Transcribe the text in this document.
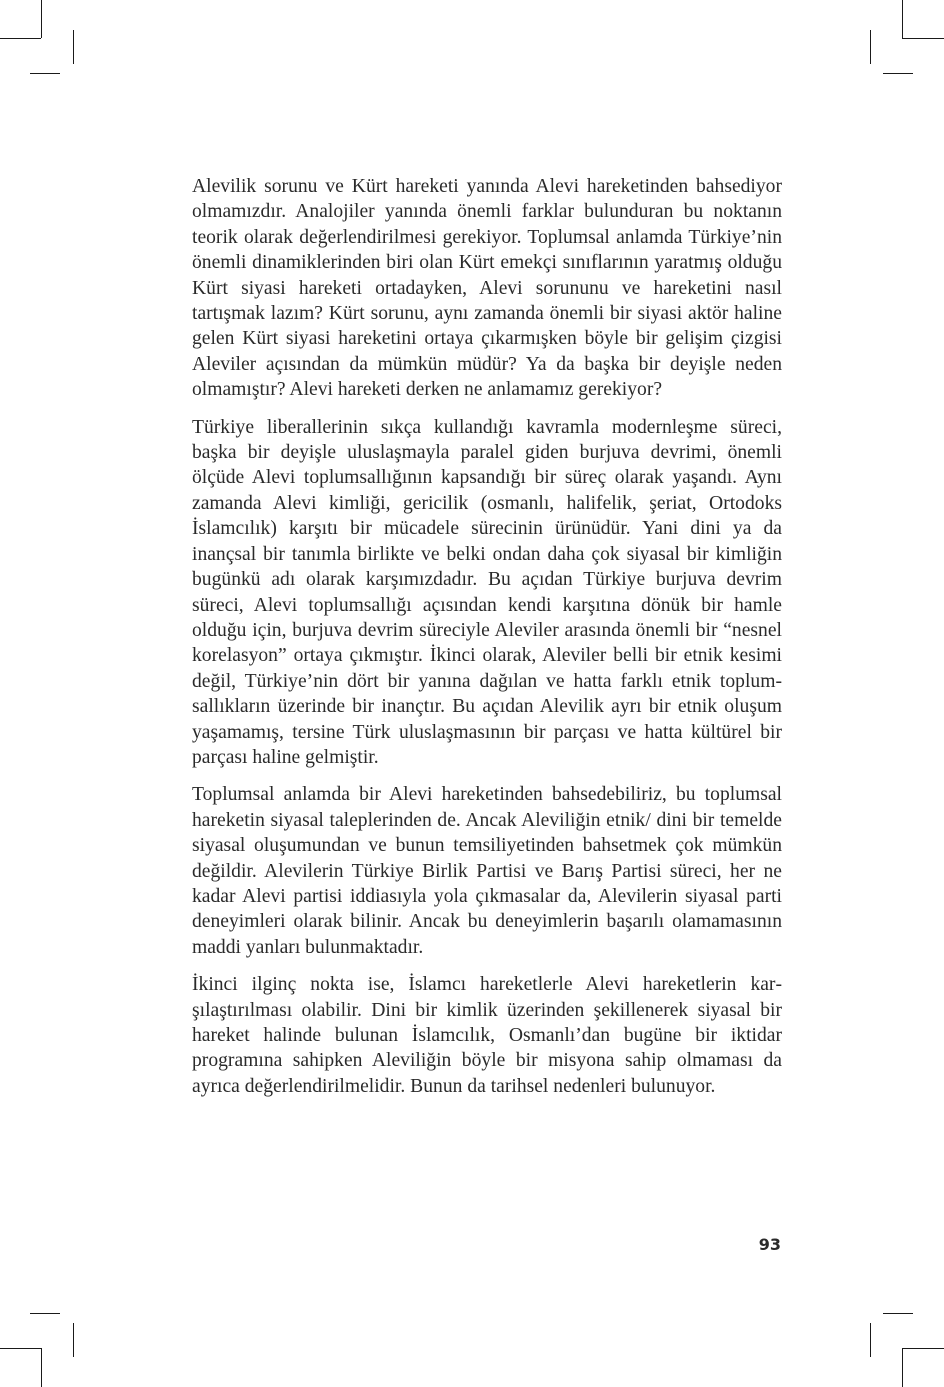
Alevilik sorunu ve Kürt hareketi yanında Alevi hareketinden bahsediyor olmamızdır. Analojiler yanında önemli farklar bulunduran bu noktanın teorik olarak değerlendirilmesi gerekiyor. Toplumsal anlamda Türkiye’nin önemli dinamiklerinden biri olan Kürt emekçi sınıflarının yaratmış olduğu Kürt siyasi hareketi ortadayken, Alevi sorununu ve hareketini nasıl tartışmak lazım? Kürt sorunu, aynı zamanda önemli bir siyasi aktör haline gelen Kürt siyasi hareketini ortaya çıkarmışken böyle bir gelişim çizgisi Aleviler açısından da mümkün müdür? Ya da başka bir deyişle neden olmamıştır? Alevi hareketi derken ne anlamamız gerekiyor?

Türkiye liberallerinin sıkça kullandığı kavramla modernleşme süreci, başka bir deyişle uluslaşmayla paralel giden burjuva devrimi, önemli ölçüde Alevi toplumsallığının kapsandığı bir süreç olarak yaşandı. Aynı zamanda Alevi kimliği, gericilik (osmanlı, halifelik, şeriat, Ortodoks İslamcılık) karşıtı bir mücadele sürecinin ürünüdür. Yani dini ya da inançsal bir tanımla birlikte ve belki ondan daha çok siyasal bir kimliğin bugünkü adı olarak karşımızdadır. Bu açıdan Türkiye burjuva devrim süreci, Alevi toplumsallığı açısından kendi karşıtına dönük bir hamle olduğu için, burjuva devrim süreciyle Aleviler arasında önemli bir “nesnel korelasyon” ortaya çıkmıştır. İkinci olarak, Aleviler belli bir etnik kesimi değil, Türkiye’nin dört bir yanına dağılan ve hatta farklı etnik toplumsallıkların üzerinde bir inançtır. Bu açıdan Alevilik ayrı bir etnik oluşum yaşamamış, tersine Türk uluslaşmasının bir parçası ve hatta kültürel bir parçası haline gelmiştir.

Toplumsal anlamda bir Alevi hareketinden bahsedebiliriz, bu toplumsal hareketin siyasal taleplerinden de. Ancak Aleviliğin etnik/ dini bir temelde siyasal oluşumundan ve bunun temsiliyetinden bahsetmek çok mümkün değildir. Alevilerin Türkiye Birlik Partisi ve Barış Partisi süreci, her ne kadar Alevi partisi iddiasıyla yola çıkmasalar da, Alevilerin siyasal parti deneyimleri olarak bilinir. Ancak bu deneyimlerin başarılı olamamasının maddi yanları bulunmaktadır.

İkinci ilginç nokta ise, İslamcı hareketlerle Alevi hareketlerin karşılaştırılması olabilir. Dini bir kimlik üzerinden şekillenerek siyasal bir hareket halinde bulunan İslamcılık, Osmanlı’dan bugüne bir iktidar programına sahipken Aleviliğin böyle bir misyona sahip olmaması da ayrıca değerlendirilmelidir. Bunun da tarihsel nedenleri bulunuyor.

93
